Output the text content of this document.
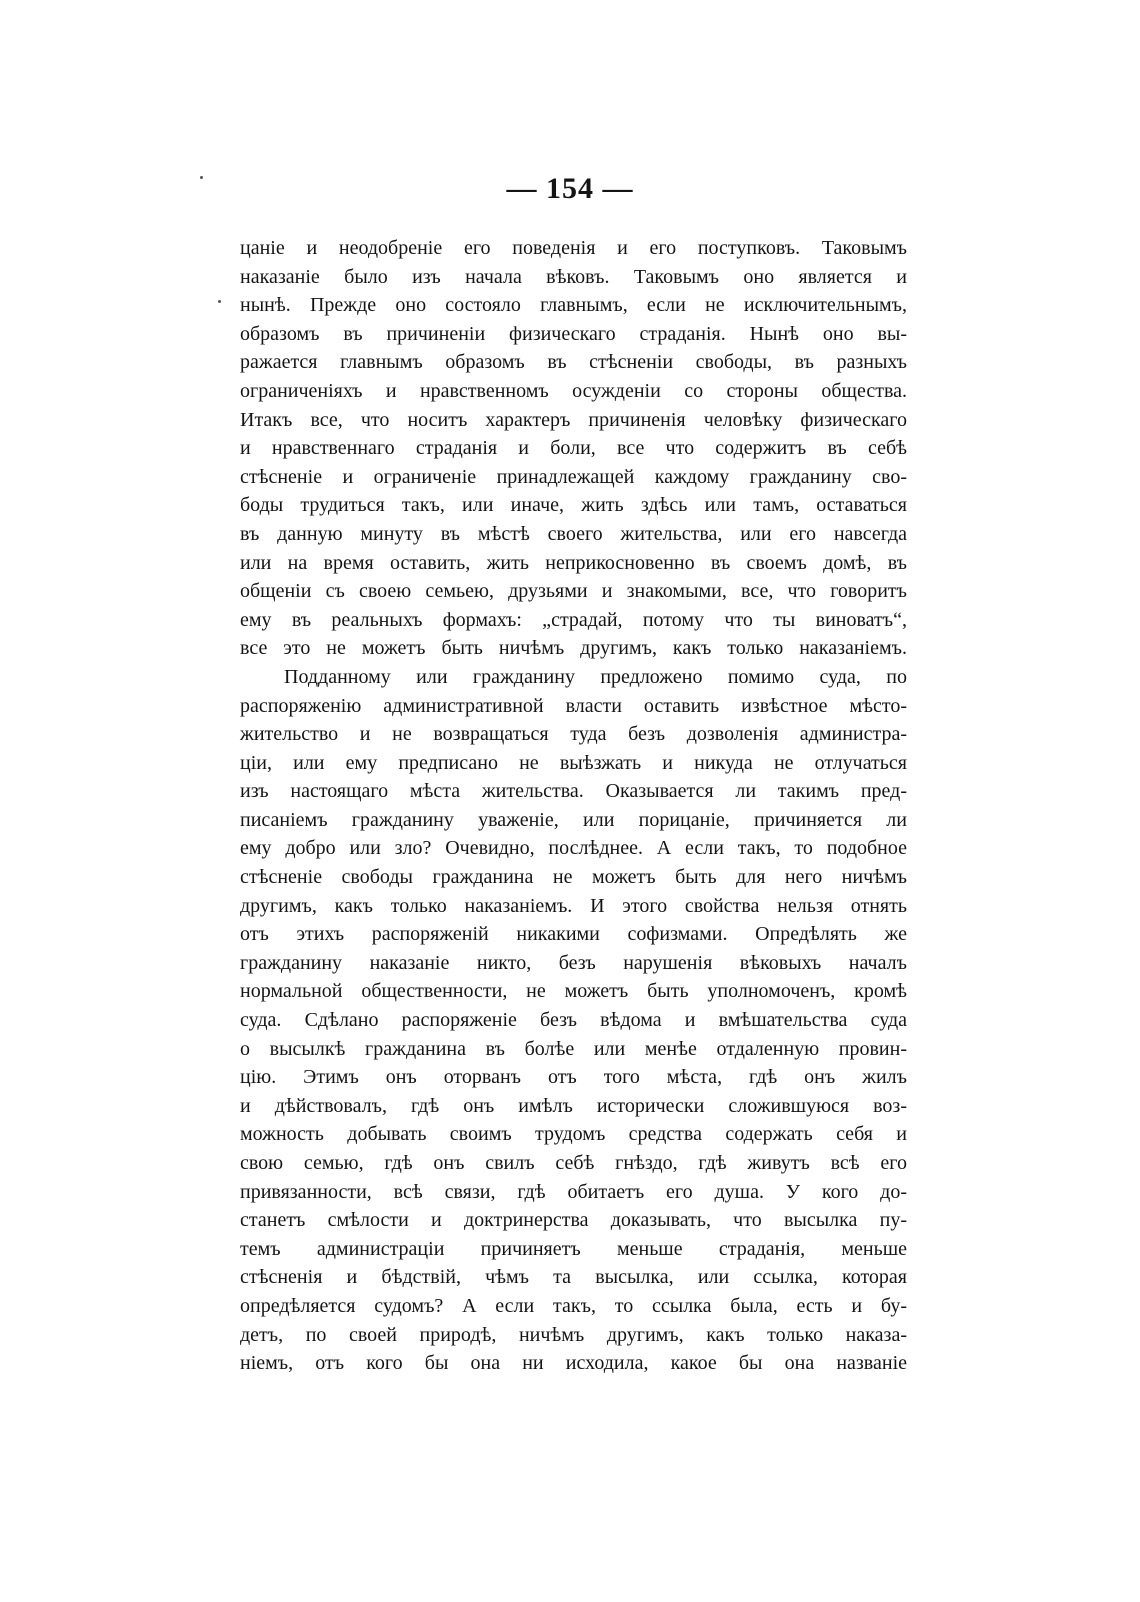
— 154 —
цаніе и неодобреніе его поведенія и его поступковъ. Таковымъ
наказаніе было изъ начала вѣковъ. Таковымъ оно является и
нынѣ. Прежде оно состояло главнымъ, если не исключительнымъ,
образомъ въ причиненіи физическаго страданія. Нынѣ оно вы-
ражается главнымъ образомъ въ стѣсненіи свободы, въ разныхъ
ограниченіяхъ и нравственномъ осужденіи со стороны общества.
Итакъ все, что носитъ характеръ причиненія человѣку физическаго
и нравственнаго страданія и боли, все что содержитъ въ себѣ
стѣсненіе и ограниченіе принадлежащей каждому гражданину сво-
боды трудиться такъ, или иначе, жить здѣсь или тамъ, оставаться
въ данную минуту въ мѣстѣ своего жительства, или его навсегда
или на время оставить, жить неприкосновенно въ своемъ домѣ, въ
общеніи съ своею семьею, друзьями и знакомыми, все, что говоритъ
ему въ реальныхъ формахъ: „страдай, потому что ты виноватъ“,
все это не можетъ быть ничѣмъ другимъ, какъ только наказаніемъ.
Подданному или гражданину предложено помимо суда, по
распоряженію административной власти оставить извѣстное мѣсто-
жительство и не возвращаться туда безъ дозволенія администра-
ціи, или ему предписано не выѣзжать и никуда не отлучаться
изъ настоящаго мѣста жительства. Оказывается ли такимъ пред-
писаніемъ гражданину уваженіе, или порицаніе, причиняется ли
ему добро или зло? Очевидно, послѣднее. А если такъ, то подобное
стѣсненіе свободы гражданина не можетъ быть для него ничѣмъ
другимъ, какъ только наказаніемъ. И этого свойства нельзя отнять
отъ этихъ распоряженій никакими софизмами. Опредѣлять же
гражданину наказаніе никто, безъ нарушенія вѣковыхъ началъ
нормальной общественности, не можетъ быть уполномоченъ, кромѣ
суда. Сдѣлано распоряженіе безъ вѣдома и вмѣшательства суда
о высылкѣ гражданина въ болѣе или менѣе отдаленную провин-
цію. Этимъ онъ оторванъ отъ того мѣста, гдѣ онъ жилъ
и дѣйствовалъ, гдѣ онъ имѣлъ исторически сложившуюся воз-
можность добывать своимъ трудомъ средства содержать себя и
свою семью, гдѣ онъ свилъ себѣ гнѣздо, гдѣ живутъ всѣ его
привязанности, всѣ связи, гдѣ обитаетъ его душа. У кого до-
станетъ смѣлости и доктринерства доказывать, что высылка пу-
темъ администраціи причиняетъ меньше страданія, меньше
стѣсненія и бѣдствій, чѣмъ та высылка, или ссылка, которая
опредѣляется судомъ? А если такъ, то ссылка была, есть и бу-
детъ, по своей природѣ, ничѣмъ другимъ, какъ только наказа-
ніемъ, отъ кого бы она ни исходила, какое бы она названіе
